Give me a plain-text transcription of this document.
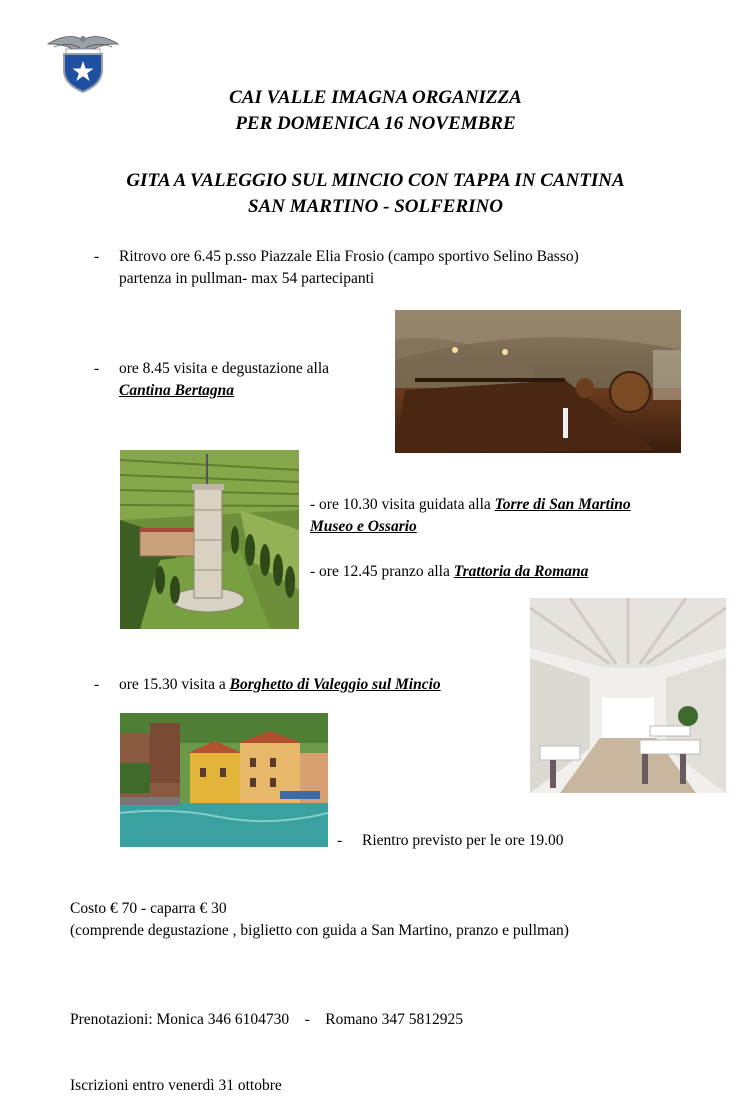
CAI VALLE IMAGNA ORGANIZZA
PER DOMENICA 16 NOVEMBRE
GITA A VALEGGIO SUL MINCIO CON TAPPA IN CANTINA
SAN MARTINO - SOLFERINO
- Ritrovo ore 6.45 p.sso Piazzale Elia Frosio (campo sportivo Selino Basso)
partenza in pullman- max 54 partecipanti
- ore 8.45 visita e degustazione alla
Cantina Bertagna
- ore 10.30 visita guidata alla Torre di San Martino
Museo e Ossario
- ore 12.45 pranzo alla Trattoria da Romana
- ore 15.30 visita a Borghetto di Valeggio sul Mincio
- Rientro previsto per le ore 19.00
Costo € 70 - caparra € 30
(comprende degustazione , biglietto con guida a San Martino, pranzo e pullman)

Prenotazioni: Monica 346 6104730    -    Romano 347 5812925

Iscrizioni entro venerdì 31 ottobre
